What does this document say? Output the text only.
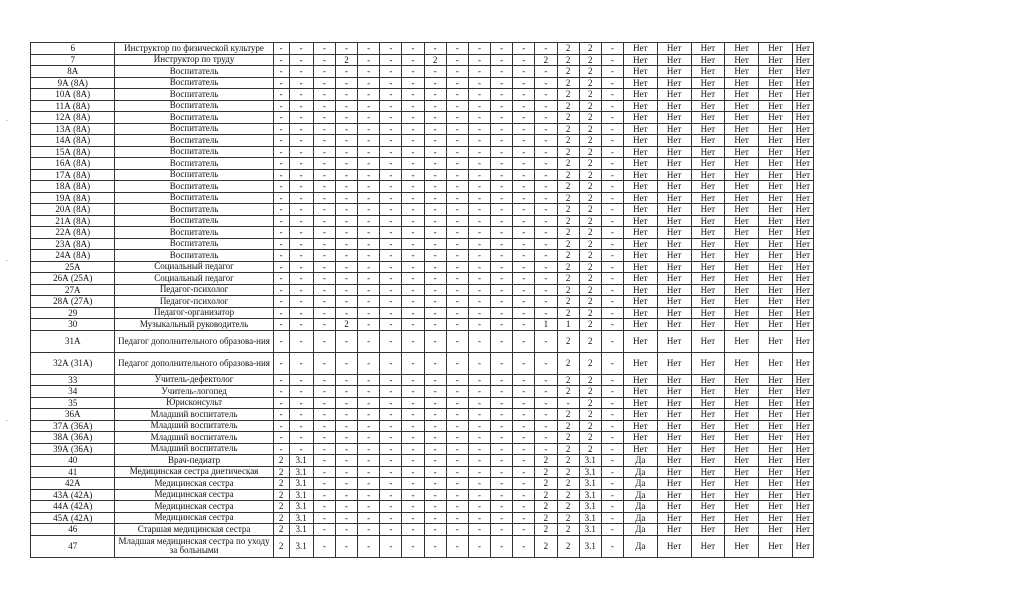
6	Инструктор по физической культуре	-	-	-	-	-	-	-	-	-	-	-	-	-	2	2	-	Нет	Нет	Нет	Нет	Нет	Нет
7	Инструктор по труду	-	-	-	2	-	-	-	2	-	-	-	-	2	2	2	-	Нет	Нет	Нет	Нет	Нет	Нет
8А	Воспитатель	-	-	-	-	-	-	-	-	-	-	-	-	-	2	2	-	Нет	Нет	Нет	Нет	Нет	Нет
9А (8А)	Воспитатель	-	-	-	-	-	-	-	-	-	-	-	-	-	2	2	-	Нет	Нет	Нет	Нет	Нет	Нет
10А (8А)	Воспитатель	-	-	-	-	-	-	-	-	-	-	-	-	-	2	2	-	Нет	Нет	Нет	Нет	Нет	Нет
11А (8А)	Воспитатель	-	-	-	-	-	-	-	-	-	-	-	-	-	2	2	-	Нет	Нет	Нет	Нет	Нет	Нет
12А (8А)	Воспитатель	-	-	-	-	-	-	-	-	-	-	-	-	-	2	2	-	Нет	Нет	Нет	Нет	Нет	Нет
13А (8А)	Воспитатель	-	-	-	-	-	-	-	-	-	-	-	-	-	2	2	-	Нет	Нет	Нет	Нет	Нет	Нет
14А (8А)	Воспитатель	-	-	-	-	-	-	-	-	-	-	-	-	-	2	2	-	Нет	Нет	Нет	Нет	Нет	Нет
15А (8А)	Воспитатель	-	-	-	-	-	-	-	-	-	-	-	-	-	2	2	-	Нет	Нет	Нет	Нет	Нет	Нет
16А (8А)	Воспитатель	-	-	-	-	-	-	-	-	-	-	-	-	-	2	2	-	Нет	Нет	Нет	Нет	Нет	Нет
17А (8А)	Воспитатель	-	-	-	-	-	-	-	-	-	-	-	-	-	2	2	-	Нет	Нет	Нет	Нет	Нет	Нет
18А (8А)	Воспитатель	-	-	-	-	-	-	-	-	-	-	-	-	-	2	2	-	Нет	Нет	Нет	Нет	Нет	Нет
19А (8А)	Воспитатель	-	-	-	-	-	-	-	-	-	-	-	-	-	2	2	-	Нет	Нет	Нет	Нет	Нет	Нет
20А (8А)	Воспитатель	-	-	-	-	-	-	-	-	-	-	-	-	-	2	2	-	Нет	Нет	Нет	Нет	Нет	Нет
21А (8А)	Воспитатель	-	-	-	-	-	-	-	-	-	-	-	-	-	2	2	-	Нет	Нет	Нет	Нет	Нет	Нет
22А (8А)	Воспитатель	-	-	-	-	-	-	-	-	-	-	-	-	-	2	2	-	Нет	Нет	Нет	Нет	Нет	Нет
23А (8А)	Воспитатель	-	-	-	-	-	-	-	-	-	-	-	-	-	2	2	-	Нет	Нет	Нет	Нет	Нет	Нет
24А (8А)	Воспитатель	-	-	-	-	-	-	-	-	-	-	-	-	-	2	2	-	Нет	Нет	Нет	Нет	Нет	Нет
25А	Социальный педагог	-	-	-	-	-	-	-	-	-	-	-	-	-	2	2	-	Нет	Нет	Нет	Нет	Нет	Нет
26А (25А)	Социальный педагог	-	-	-	-	-	-	-	-	-	-	-	-	-	2	2	-	Нет	Нет	Нет	Нет	Нет	Нет
27А	Педагог-психолог	-	-	-	-	-	-	-	-	-	-	-	-	-	2	2	-	Нет	Нет	Нет	Нет	Нет	Нет
28А (27А)	Педагог-психолог	-	-	-	-	-	-	-	-	-	-	-	-	-	2	2	-	Нет	Нет	Нет	Нет	Нет	Нет
29	Педагог-организатор	-	-	-	-	-	-	-	-	-	-	-	-	-	2	2	-	Нет	Нет	Нет	Нет	Нет	Нет
30	Музыкальный руководитель	-	-	-	2	-	-	-	-	-	-	-	-	1	1	2	-	Нет	Нет	Нет	Нет	Нет	Нет
31А	Педагог дополнительного образова-ния	-	-	-	-	-	-	-	-	-	-	-	-	-	2	2	-	Нет	Нет	Нет	Нет	Нет	Нет
32А (31А)	Педагог дополнительного образова-ния	-	-	-	-	-	-	-	-	-	-	-	-	-	2	2	-	Нет	Нет	Нет	Нет	Нет	Нет
33	Учитель-дефектолог	-	-	-	-	-	-	-	-	-	-	-	-	-	2	2	-	Нет	Нет	Нет	Нет	Нет	Нет
34	Учитель-логопед	-	-	-	-	-	-	-	-	-	-	-	-	-	2	2	-	Нет	Нет	Нет	Нет	Нет	Нет
35	Юрисконсульт	-	-	-	-	-	-	-	-	-	-	-	-	-	-	2	-	Нет	Нет	Нет	Нет	Нет	Нет
36А	Младший воспитатель	-	-	-	-	-	-	-	-	-	-	-	-	-	2	2	-	Нет	Нет	Нет	Нет	Нет	Нет
37А (36А)	Младший воспитатель	-	-	-	-	-	-	-	-	-	-	-	-	-	2	2	-	Нет	Нет	Нет	Нет	Нет	Нет
38А (36А)	Младший воспитатель	-	-	-	-	-	-	-	-	-	-	-	-	-	2	2	-	Нет	Нет	Нет	Нет	Нет	Нет
39А (36А)	Младший воспитатель	-	-	-	-	-	-	-	-	-	-	-	-	-	2	2	-	Нет	Нет	Нет	Нет	Нет	Нет
40	Врач-педиатр	2	3.1	-	-	-	-	-	-	-	-	-	-	2	2	3.1	-	Да	Нет	Нет	Нет	Нет	Нет
41	Медицинская сестра диетическая	2	3.1	-	-	-	-	-	-	-	-	-	-	2	2	3.1	-	Да	Нет	Нет	Нет	Нет	Нет
42А	Медицинская сестра	2	3.1	-	-	-	-	-	-	-	-	-	-	2	2	3.1	-	Да	Нет	Нет	Нет	Нет	Нет
43А (42А)	Медицинская сестра	2	3.1	-	-	-	-	-	-	-	-	-	-	2	2	3.1	-	Да	Нет	Нет	Нет	Нет	Нет
44А (42А)	Медицинская сестра	2	3.1	-	-	-	-	-	-	-	-	-	-	2	2	3.1	-	Да	Нет	Нет	Нет	Нет	Нет
45А (42А)	Медицинская сестра	2	3.1	-	-	-	-	-	-	-	-	-	-	2	2	3.1	-	Да	Нет	Нет	Нет	Нет	Нет
46	Старшая медицинская сестра	2	3.1	-	-	-	-	-	-	-	-	-	-	2	2	3.1	-	Да	Нет	Нет	Нет	Нет	Нет
47	Младшая медицинская сестра по уходу за больными	2	3.1	-	-	-	-	-	-	-	-	-	-	2	2	3.1	-	Да	Нет	Нет	Нет	Нет	Нет
